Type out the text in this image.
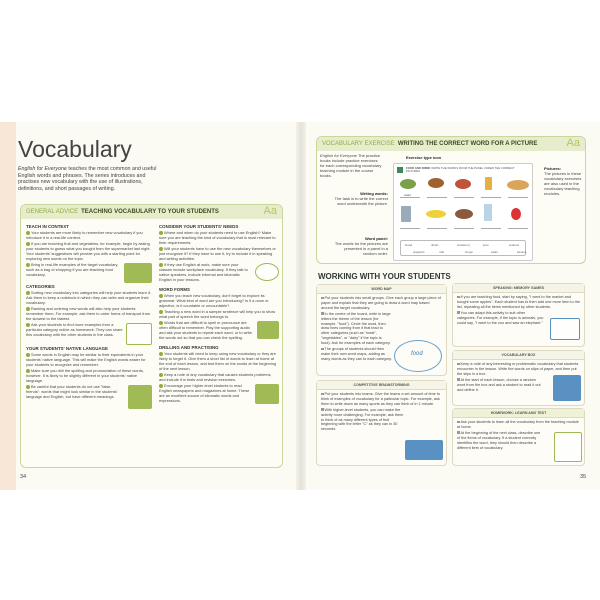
Vocabulary

English for Everyone teaches the most common and useful English words and phrases. The series introduces and practises new vocabulary with the use of illustrations, definitions, and short passages of writing.

GENERAL ADVICE TEACHING VOCABULARY TO YOUR STUDENTS	Aa
TEACH IN CONTEXT

Your students are more likely to remember new vocabulary if you introduce it in a real-life context.

If you are teaching fruit and vegetables, for example, begin by asking your students to guess what you bought from the supermarket last night. Your students' suggestions will provide you with a starting point for exploring new words on the topic.

Bring in real-life examples of the target vocabulary, such as a bag of shopping if you are teaching food vocabulary.

CATEGORIES

Sorting new vocabulary into categories will help your students learn it. Ask them to keep a notebook in which they can write and organize their vocabulary.

Ranking and ordering new words will also help your students remember them. For example, ask them to order forms of transport from the slowest to the fastest.

Ask your students to find more examples from a particular category online as homework. They can share this vocabulary with the other students in the class.

YOUR STUDENTS' NATIVE LANGUAGE

Some words in English may be similar to their equivalents in your students' native language. This will make the English words easier for your students to recognize and remember.

Make sure you drill the spelling and pronunciation of these words, however. It is likely to be slightly different in your students' native language.

Be careful that your students do not use "false friends": words that might look similar in the students' language and English, but have different meanings.

CONSIDER YOUR STUDENTS' NEEDS

Where and when do your students need to use English? Make sure you are teaching the kind of vocabulary that is most relevant to their requirements.

Will your students have to use the new vocabulary themselves or just recognize it? If they have to use it, try to include it in speaking and writing activities.

If they use English at work, make sure your classes include workplace vocabulary. If they talk to native speakers, include informal and idiomatic English in your lessons.

WORD FORMS

When you teach new vocabulary, don't forget to explore its grammar. What kind of word are you introducing? Is it a noun or adjective, is it countable or uncountable?

Teaching a new word in a sample sentence will help you to show what part of speech the word belongs to.

Words that are difficult to spell or pronounce are often difficult to remember. Play the supporting audio and ask your students to repeat each word, or to write the words out so that you can check the spelling.

DRILLING AND PRACTISING

Your students will need to keep using new vocabulary or they are likely to forget it. Give them a short list of words to learn at home at the end of each lesson, and test them on the words at the beginning of the next lesson.

Keep a note of any vocabulary that causes students problems, and include it in tests and revision exercises.

Encourage your higher-level students to read English newspapers and magazines at home. These are an excellent source of idiomatic words and expressions.

34
VOCABULARY EXERCISE WRITING THE CORRECT WORD FOR A PICTURE	Aa
English for Everyone The practice books include practice exercises for each corresponding vocabulary teaching module in the course books.
Exercise type icon
Writing words:
The task is to write the correct word underneath the picture.
Word panel:
The words for the pictures are presented in a panel in a random order.
Pictures:
The pictures in these vocabulary exercises are also used in the vocabulary teaching modules.
FOOD AND DRINK WRITE THE WORDS FROM THE PANEL UNDER THE CORRECT PICTURES
salad
bread	drinks	strawberry	juice	seafood
spaghetti	milk	burger	salad	banana
WORKING WITH YOUR STUDENTS
WORD MAP

Put your students into small groups. Give each group a large piece of paper and explain that they are going to draw a word map based around the target vocabulary.

In the centre of the board, write in large letters the theme of the lesson (for example, "food"). Circle the word, then draw lines coming from it that lead to other categories (such as "meat", "vegetables", or "dairy" if the topic is food). Ask for examples of each category.

The groups of students should then make their own word maps, adding as many words as they can to each category.

COMPETITIVE BRAINSTORMING

Put your students into teams. Give the teams a set amount of time to think of examples of vocabulary for a particular topic. For example, ask them to write down as many sports as they can think of in 1 minute.

With higher-level students, you can make the activity more challenging. For example, ask them to think of as many different types of fruit beginning with the letter "C" as they can in 30 seconds.

SPEAKING: MEMORY GAMES

If you are teaching food, start by saying, "I went to the market and bought some apples". Each student has to then add one more item to the list, repeating all the items mentioned by other students.

You can adapt this activity to suit other categories. For example, if the topic is animals, you could say, "I went to the zoo and saw an elephant."

VOCABULARY BOX

Keep a note of any interesting or problematic vocabulary that students encounter in the lesson. Write the words on slips of paper, and then put the slips in a box.

At the start of each lesson, choose a random word from the box and ask a student to read it out and define it.

HOMEWORK: LEARN AND TEST

Ask your students to learn all the vocabulary from the teaching module at home.

At the beginning of the next class, describe one of the items of vocabulary. If a student correctly identifies the word, they should then describe a different item of vocabulary.

food
35
